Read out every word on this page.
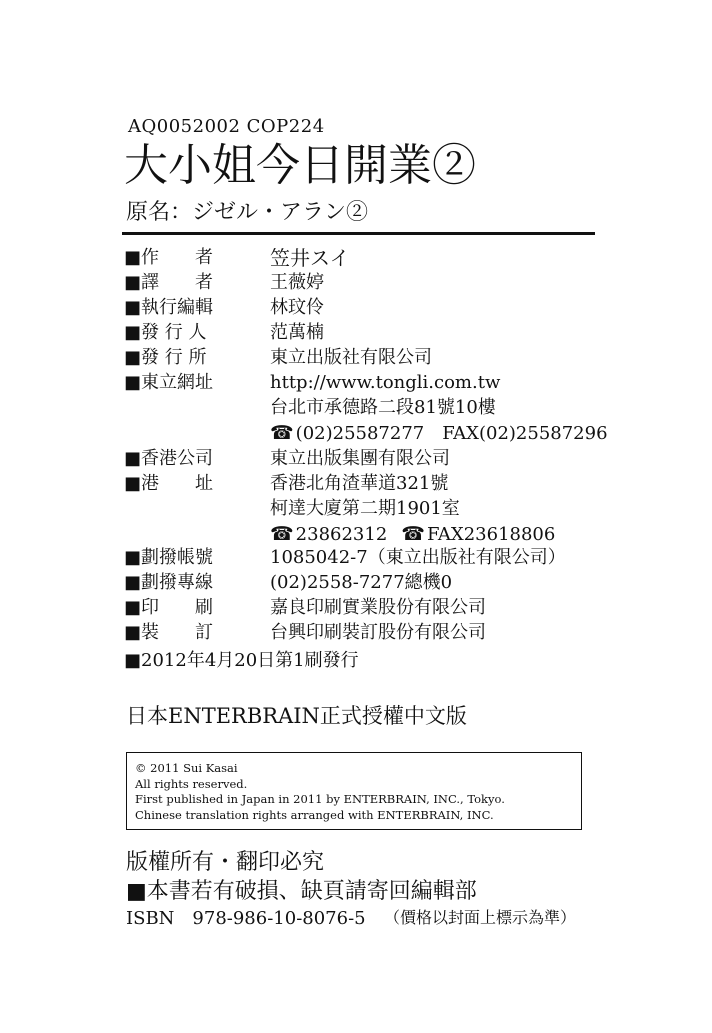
AQ0052002 COP224
大小姐今日開業②
原名：ジゼル・アラン②
■作　　者	笠井スイ
■譯　　者	王薇婷
■執行編輯	林玟伶
■發 行 人	范萬楠
■發 行 所	東立出版社有限公司
■東立網址	http://www.tongli.com.tw
台北市承德路二段81號10樓
☎ (02)25587277　FAX(02)25587296
■香港公司	東立出版集團有限公司
■港　　址	香港北角渣華道321號
柯達大廈第二期1901室
☎ 23862312 ☎ FAX23618806
■劃撥帳號	1085042-7（東立出版社有限公司）
■劃撥專線	(02)2558-7277總機0
■印　　刷	嘉良印刷實業股份有限公司
■裝　　訂	台興印刷裝訂股份有限公司
■2012年4月20日第1刷發行
日本ENTERBRAIN正式授權中文版
© 2011 Sui Kasai
All rights reserved.
First published in Japan in 2011 by ENTERBRAIN, INC., Tokyo.
Chinese translation rights arranged with ENTERBRAIN, INC.
版權所有・翻印必究
■本書若有破損、缺頁請寄回編輯部
ISBN　978-986-10-8076-5 （價格以封面上標示為準）
